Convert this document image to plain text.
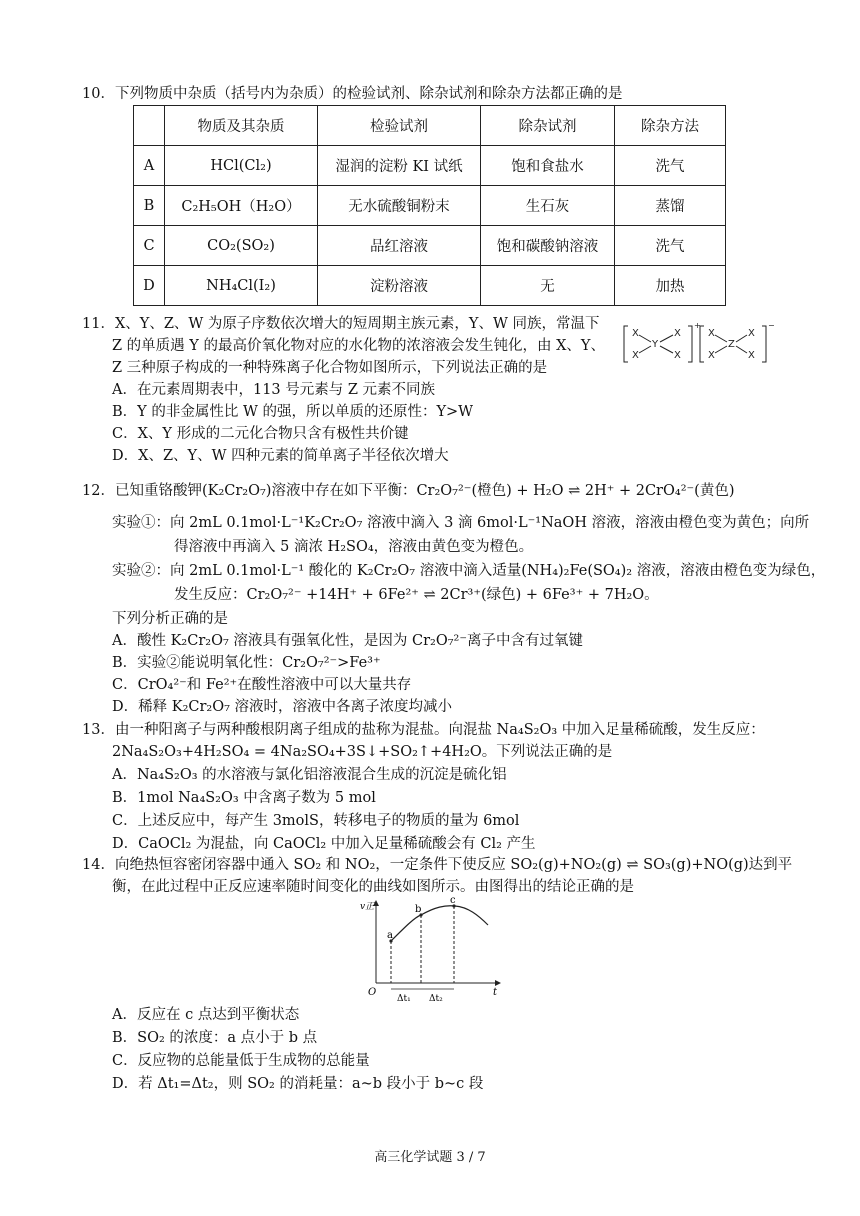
10．下列物质中杂质（括号内为杂质）的检验试剂、除杂试剂和除杂方法都正确的是
	物质及其杂质	检验试剂	除杂试剂	除杂方法
A	HCl(Cl₂)	湿润的淀粉 KI 试纸	饱和食盐水	洗气
B	C₂H₅OH（H₂O）	无水硫酸铜粉末	生石灰	蒸馏
C	CO₂(SO₂)	品红溶液	饱和碳酸钠溶液	洗气
D	NH₄Cl(I₂)	淀粉溶液	无	加热
11．X、Y、Z、W 为原子序数依次增大的短周期主族元素，Y、W 同族，常温下
Z 的单质遇 Y 的最高价氧化物对应的水化物的浓溶液会发生钝化，由 X、Y、
Z 三种原子构成的一种特殊离子化合物如图所示，下列说法正确的是
A．在元素周期表中，113 号元素与 Z 元素不同族
B．Y 的非金属性比 W 的强，所以单质的还原性：Y>W
C．X、Y 形成的二元化合物只含有极性共价键
D．X、Z、Y、W 四种元素的简单离子半径依次增大
+
X
X
Y
X
X
−
X
X
Z
X
X
12．已知重铬酸钾(K₂Cr₂O₇)溶液中存在如下平衡：Cr₂O₇²⁻(橙色) + H₂O ⇌ 2H⁺ + 2CrO₄²⁻(黄色)
实验①：向 2mL 0.1mol·L⁻¹K₂Cr₂O₇ 溶液中滴入 3 滴 6mol·L⁻¹NaOH 溶液，溶液由橙色变为黄色；向所
得溶液中再滴入 5 滴浓 H₂SO₄，溶液由黄色变为橙色。
实验②：向 2mL 0.1mol·L⁻¹ 酸化的 K₂Cr₂O₇ 溶液中滴入适量(NH₄)₂Fe(SO₄)₂ 溶液，溶液由橙色变为绿色，
发生反应：Cr₂O₇²⁻ +14H⁺ + 6Fe²⁺ ⇌ 2Cr³⁺(绿色) + 6Fe³⁺ + 7H₂O。
下列分析正确的是
A．酸性 K₂Cr₂O₇ 溶液具有强氧化性，是因为 Cr₂O₇²⁻离子中含有过氧键
B．实验②能说明氧化性：Cr₂O₇²⁻>Fe³⁺
C．CrO₄²⁻和 Fe²⁺在酸性溶液中可以大量共存
D．稀释 K₂Cr₂O₇ 溶液时，溶液中各离子浓度均减小
13．由一种阳离子与两种酸根阴离子组成的盐称为混盐。向混盐 Na₄S₂O₃ 中加入足量稀硫酸，发生反应：
2Na₄S₂O₃+4H₂SO₄ = 4Na₂SO₄+3S↓+SO₂↑+4H₂O。下列说法正确的是
A．Na₄S₂O₃ 的水溶液与氯化铝溶液混合生成的沉淀是硫化铝
B．1mol Na₄S₂O₃ 中含离子数为 5 mol
C．上述反应中，每产生 3molS，转移电子的物质的量为 6mol
D．CaOCl₂ 为混盐，向 CaOCl₂ 中加入足量稀硫酸会有 Cl₂ 产生
14．向绝热恒容密闭容器中通入 SO₂ 和 NO₂，一定条件下使反应 SO₂(g)+NO₂(g) ⇌ SO₃(g)+NO(g)达到平
衡，在此过程中正反应速率随时间变化的曲线如图所示。由图得出的结论正确的是
v正
t
O
a
b
c
Δt₁ Δt₂
A．反应在 c 点达到平衡状态
B．SO₂ 的浓度：a 点小于 b 点
C．反应物的总能量低于生成物的总能量
D．若 Δt₁=Δt₂，则 SO₂ 的消耗量：a~b 段小于 b~c 段
高三化学试题 3 / 7
